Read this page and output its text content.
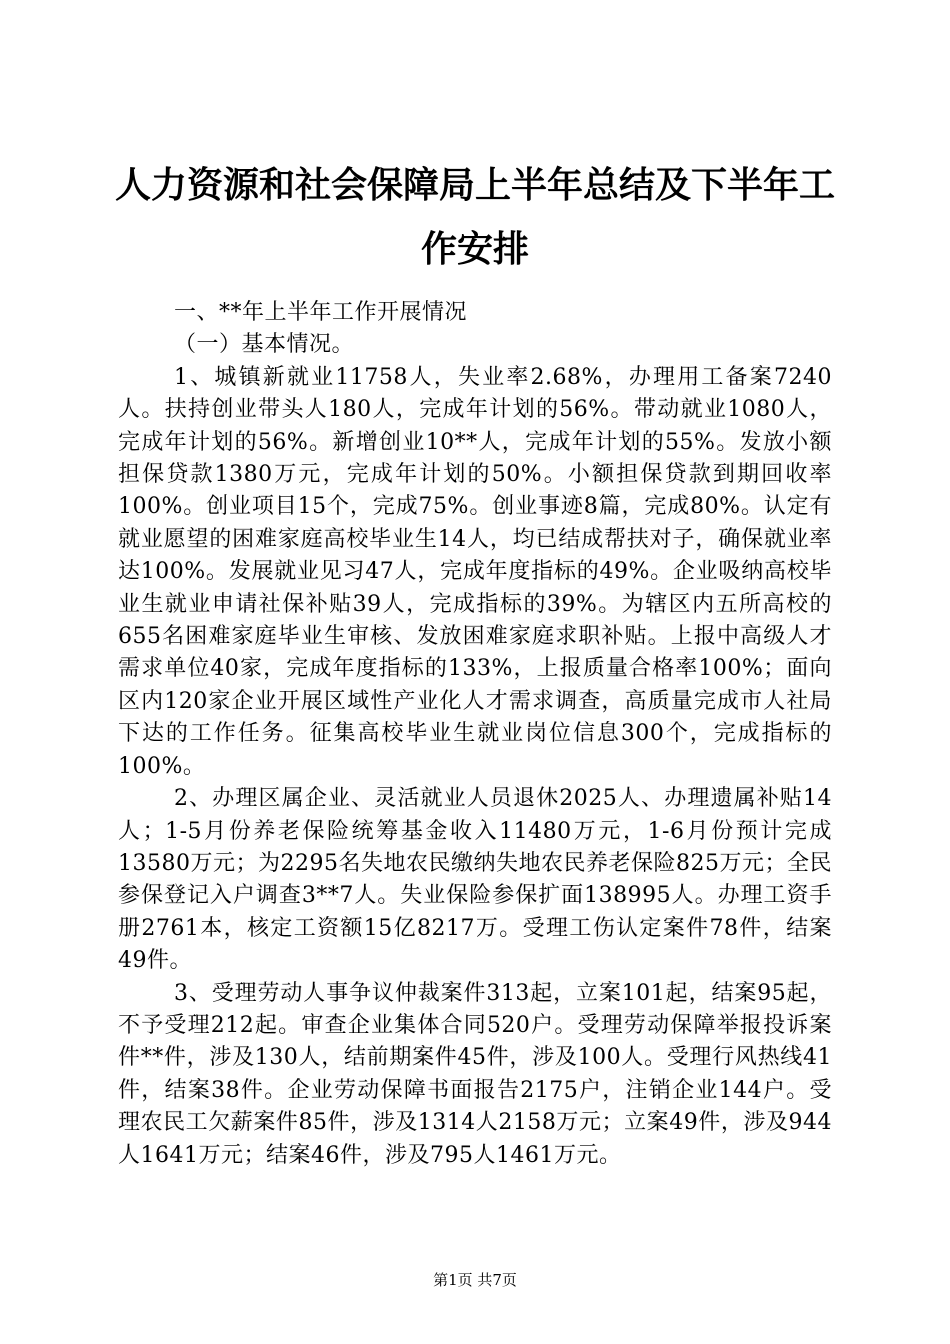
人力资源和社会保障局上半年总结及下半年工作安排

一、**年上半年工作开展情况

（一）基本情况。

1、城镇新就业11758人，失业率2.68%，办理用工备案7240人。扶持创业带头人180人，完成年计划的56%。带动就业1080人，完成年计划的56%。新增创业10**人，完成年计划的55%。发放小额担保贷款1380万元，完成年计划的50%。小额担保贷款到期回收率100%。创业项目15个，完成75%。创业事迹8篇，完成80%。认定有就业愿望的困难家庭高校毕业生14人，均已结成帮扶对子，确保就业率达100%。发展就业见习47人，完成年度指标的49%。企业吸纳高校毕业生就业申请社保补贴39人，完成指标的39%。为辖区内五所高校的655名困难家庭毕业生审核、发放困难家庭求职补贴。上报中高级人才需求单位40家，完成年度指标的133%，上报质量合格率100%；面向区内120家企业开展区域性产业化人才需求调查，高质量完成市人社局下达的工作任务。征集高校毕业生就业岗位信息300个，完成指标的100%。

2、办理区属企业、灵活就业人员退休2025人、办理遗属补贴14人；1-5月份养老保险统筹基金收入11480万元，1-6月份预计完成13580万元；为2295名失地农民缴纳失地农民养老保险825万元；全民参保登记入户调查3**7人。失业保险参保扩面138995人。办理工资手册2761本，核定工资额15亿8217万。受理工伤认定案件78件，结案49件。

3、受理劳动人事争议仲裁案件313起，立案101起，结案95起，不予受理212起。审查企业集体合同520户。受理劳动保障举报投诉案件**件，涉及130人，结前期案件45件，涉及100人。受理行风热线41件，结案38件。企业劳动保障书面报告2175户，注销企业144户。受理农民工欠薪案件85件，涉及1314人2158万元；立案49件，涉及944人1641万元；结案46件，涉及795人1461万元。

第1页 共7页
